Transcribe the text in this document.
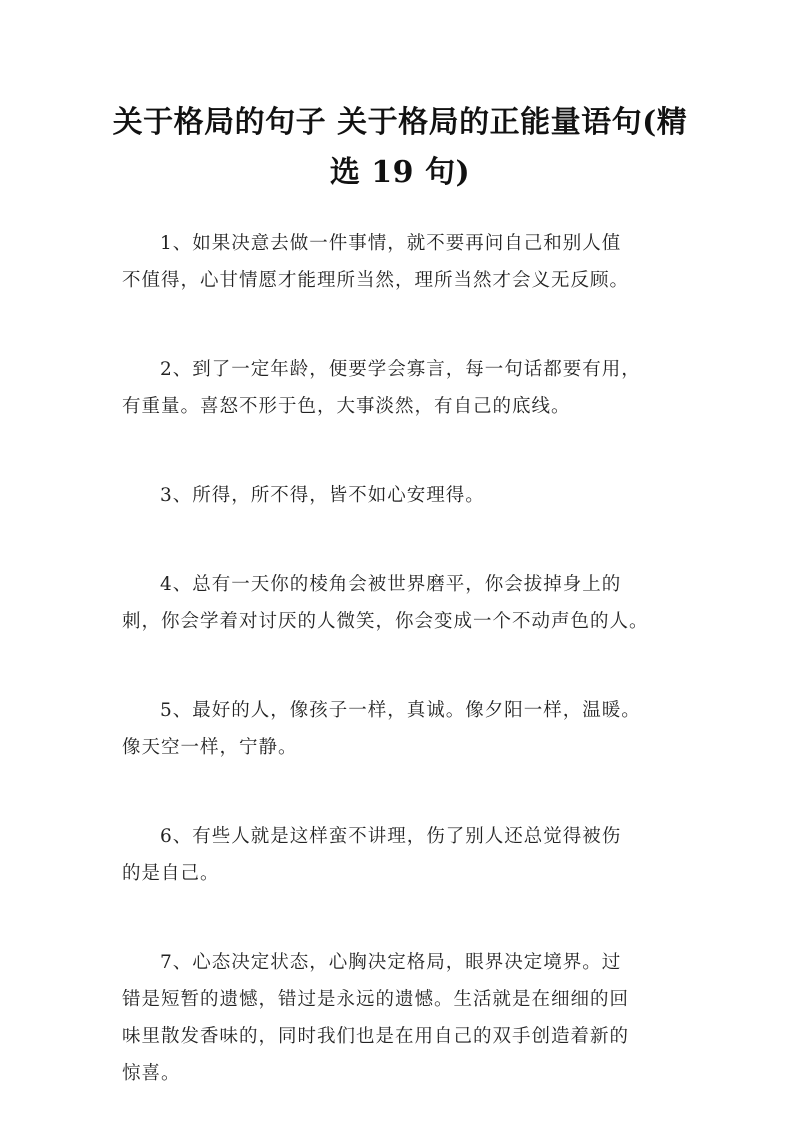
关于格局的句子 关于格局的正能量语句(精
选 19 句)

1、如果决意去做一件事情，就不要再问自己和别人值
不值得，心甘情愿才能理所当然，理所当然才会义无反顾。

2、到了一定年龄，便要学会寡言，每一句话都要有用，
有重量。喜怒不形于色，大事淡然，有自己的底线。

3、所得，所不得，皆不如心安理得。

4、总有一天你的棱角会被世界磨平，你会拔掉身上的
刺，你会学着对讨厌的人微笑，你会变成一个不动声色的人。

5、最好的人，像孩子一样，真诚。像夕阳一样，温暖。
像天空一样，宁静。

6、有些人就是这样蛮不讲理，伤了别人还总觉得被伤
的是自己。

7、心态决定状态，心胸决定格局，眼界决定境界。过
错是短暂的遗憾，错过是永远的遗憾。生活就是在细细的回
味里散发香味的，同时我们也是在用自己的双手创造着新的
惊喜。
